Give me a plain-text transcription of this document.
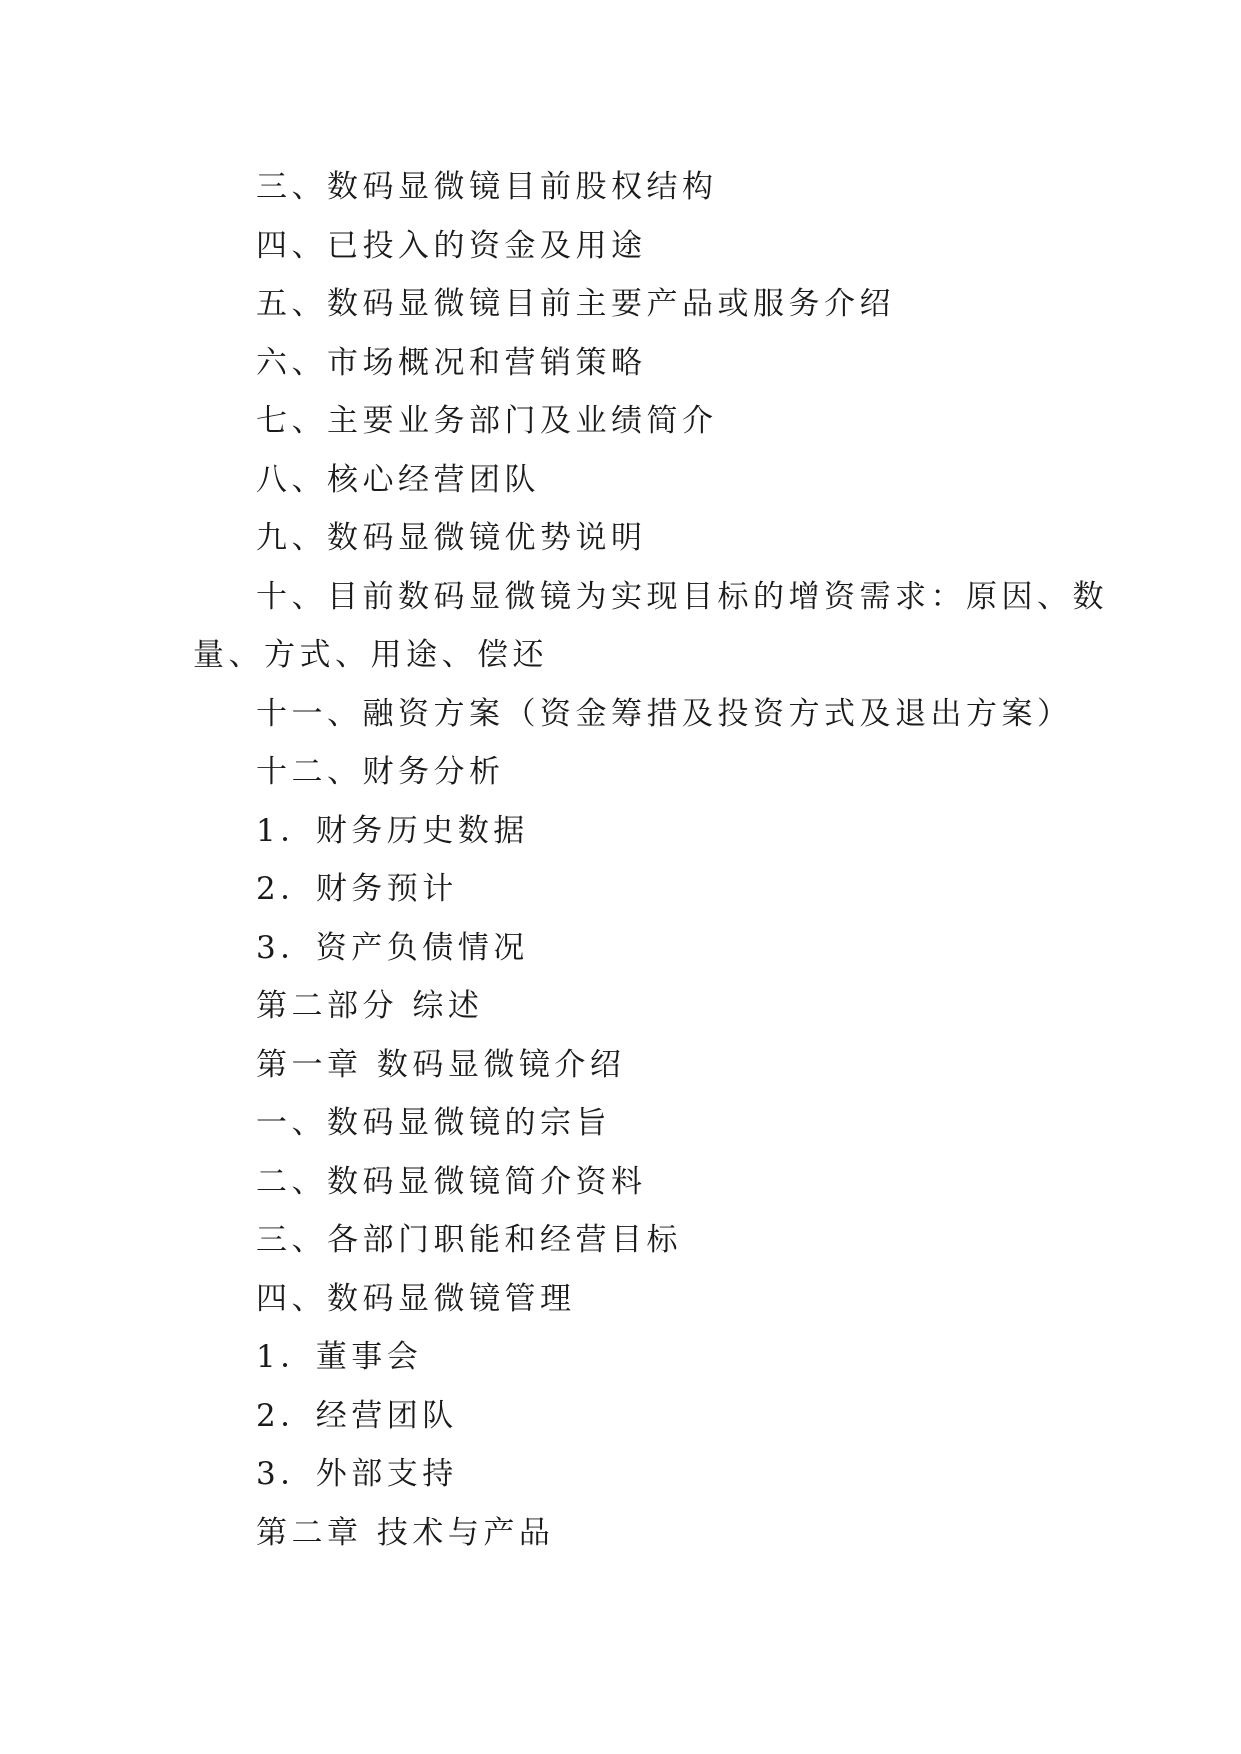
三、数码显微镜目前股权结构
四、已投入的资金及用途
五、数码显微镜目前主要产品或服务介绍
六、市场概况和营销策略
七、主要业务部门及业绩简介
八、核心经营团队
九、数码显微镜优势说明
十、目前数码显微镜为实现目标的增资需求：原因、数
量、方式、用途、偿还
十一、融资方案（资金筹措及投资方式及退出方案）
十二、财务分析
1．财务历史数据
2．财务预计
3．资产负债情况
第二部分 综述
第一章 数码显微镜介绍
一、数码显微镜的宗旨
二、数码显微镜简介资料
三、各部门职能和经营目标
四、数码显微镜管理
1．董事会
2．经营团队
3．外部支持
第二章 技术与产品
